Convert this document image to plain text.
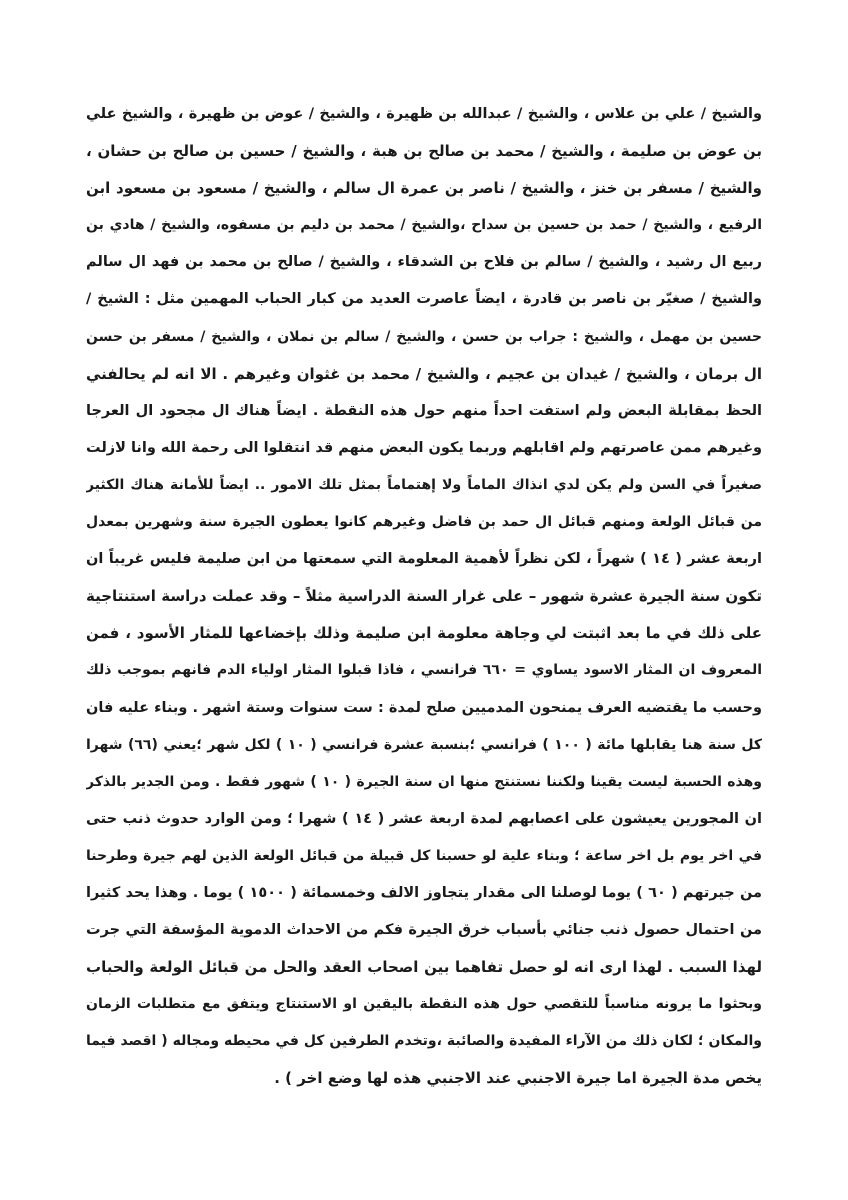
والشيخ / علي بن علاس ، والشيخ / عبدالله بن ظهيرة ، والشيخ / عوض بن ظهيرة ، والشيخ علي
بن عوض بن صليمة ، والشيخ / محمد بن صالح بن هبة ، والشيخ / حسين بن صالح بن حشان ،
والشيخ / مسفر بن خنز ، والشيخ / ناصر بن عمرة ال سالم ، والشيخ / مسعود بن مسعود ابن
الرفيع ، والشيخ / حمد بن حسين بن سداح ،والشيخ / محمد بن دليم بن مسفوه، والشيخ / هادي بن
ربيع ال رشيد ، والشيخ / سالم بن فلاح بن الشدقاء ، والشيخ / صالح بن محمد بن فهد ال سالم
والشيخ / صغيّر بن ناصر بن قادرة ، ايضاً عاصرت العديد من كبار الحباب المهمين مثل : الشيخ /
حسين بن مهمل ، والشيخ : جراب بن حسن ، والشيخ / سالم بن نملان ، والشيخ / مسفر بن حسن
ال برمان ، والشيخ / غيدان بن عجيم ، والشيخ / محمد بن غثوان وغيرهم . الا انه لم يحالفني
الحظ بمقابلة البعض ولم استفت احداً منهم حول هذه النقطة . ايضاً هناك ال مجحود ال العرجا
وغيرهم ممن عاصرتهم ولم اقابلهم وربما يكون البعض منهم قد انتقلوا الى رحمة الله وانا لازلت
صغيراً في السن ولم يكن لدي انذاك الماماً ولا إهتماماً بمثل تلك الامور .. ايضاً للأمانة هناك الكثير
من قبائل الولعة ومنهم قبائل ال حمد بن فاضل وغيرهم كانوا يعطون الجيرة سنة وشهرين بمعدل
اربعة عشر ( ١٤ ) شهراً ، لكن نظراً لأهمية المعلومة التي سمعتها من ابن صليمة فليس غريباً ان
تكون سنة الجيرة عشرة شهور – على غرار السنة الدراسية مثلاً – وقد عملت دراسة استنتاجية
على ذلك في ما بعد اثبتت لي وجاهة معلومة ابن صليمة وذلك بإخضاعها للمثار الأسود ، فمن
المعروف ان المثار الاسود يساوي = ٦٦٠ فرانسي ، فاذا قبلوا المثار اولياء الدم فانهم بموجب ذلك
وحسب ما يقتضيه العرف يمنحون المدميين صلح لمدة : ست سنوات وستة اشهر . وبناء عليه فان
كل سنة هنا يقابلها مائة ( ١٠٠ ) فرانسي ؛بنسبة عشرة فرانسي ( ١٠ ) لكل شهر ؛يعني (٦٦) شهرا
وهذه الحسبة ليست يقينا ولكننا نستنتج منها ان سنة الجيرة ( ١٠ ) شهور فقط . ومن الجدير بالذكر
ان المجورين يعيشون على اعصابهم لمدة اربعة عشر ( ١٤ ) شهرا ؛ ومن الوارد حدوث ذنب حتى
في اخر يوم بل اخر ساعة ؛ وبناء علية لو حسبنا كل قبيلة من قبائل الولعة الذين لهم جيرة وطرحنا
من جيرتهم ( ٦٠ ) يوما لوصلنا الى مقدار يتجاوز الالف وخمسمائة ( ١٥٠٠ ) يوما . وهذا يحد كثيرا
من احتمال حصول ذنب جنائي بأسباب خرق الجيرة فكم من الاحداث الدموية المؤسفة التي جرت
لهذا السبب . لهذا ارى انه لو حصل تفاهما بين اصحاب العقد والحل من قبائل الولعة والحباب
وبحثوا ما يرونه مناسباً للتقصي حول هذه النقطة باليقين او الاستنتاج ويتفق مع متطلبات الزمان
والمكان ؛ لكان ذلك من الآراء المفيدة والصائبة ،وتخدم الطرفين كل في محيطه ومجاله ( اقصد فيما
يخص مدة الجيرة اما جيرة الاجنبي عند الاجنبي هذه لها وضع اخر ) .
